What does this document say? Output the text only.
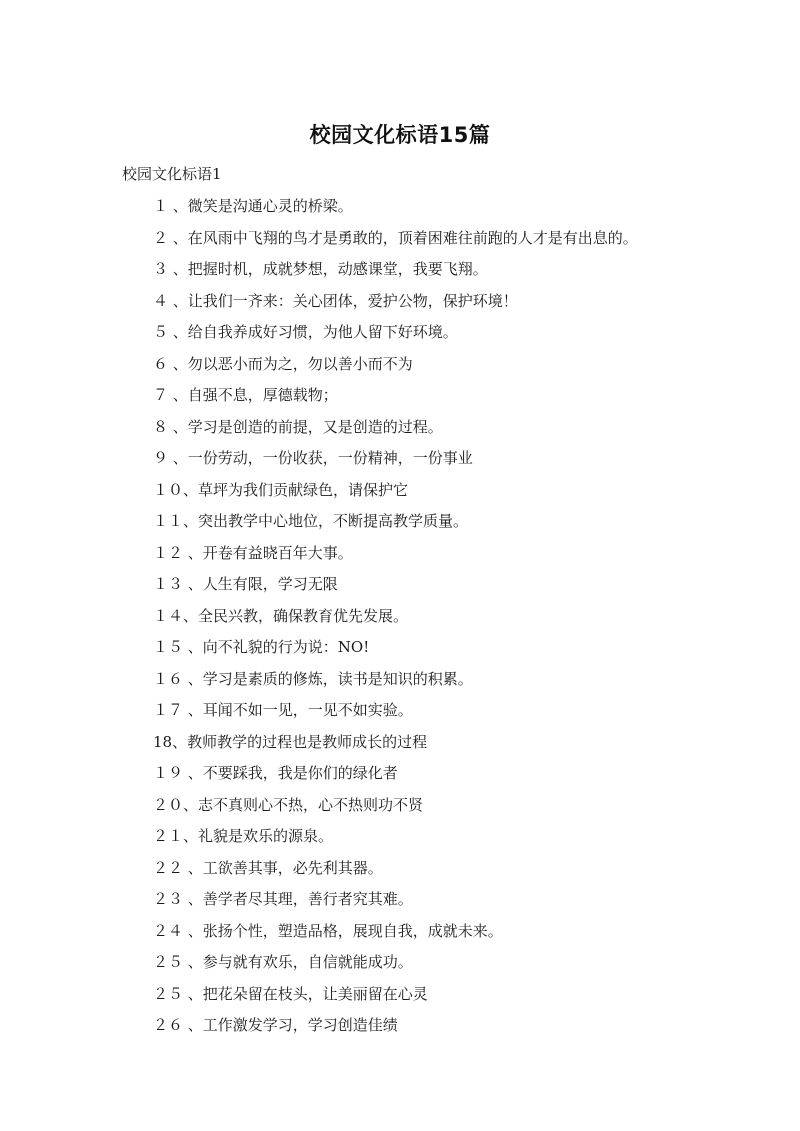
校园文化标语15篇
校园文化标语1
１ 、微笑是沟通心灵的桥梁。
２ 、在风雨中飞翔的鸟才是勇敢的，顶着困难往前跑的人才是有出息的。
３ 、把握时机，成就梦想，动感课堂，我要飞翔。
４ 、让我们一齐来：关心团体，爱护公物，保护环境！
５ 、给自我养成好习惯，为他人留下好环境。
６ 、勿以恶小而为之，勿以善小而不为
７ 、自强不息，厚德载物；
８ 、学习是创造的前提，又是创造的过程。
９ 、一份劳动，一份收获，一份精神，一份事业
１０、草坪为我们贡献绿色，请保护它
１１、突出教学中心地位，不断提高教学质量。
１２ 、开卷有益晓百年大事。
１３ 、人生有限，学习无限
１４、全民兴教，确保教育优先发展。
１５ 、向不礼貌的行为说：NO!
１６ 、学习是素质的修炼，读书是知识的积累。
１７ 、耳闻不如一见，一见不如实验。
18、教师教学的过程也是教师成长的过程
１９ 、不要踩我，我是你们的绿化者
２０、志不真则心不热，心不热则功不贤
２１、礼貌是欢乐的源泉。
２２ 、工欲善其事，必先利其器。
２３ 、善学者尽其理，善行者究其难。
２４ 、张扬个性，塑造品格，展现自我，成就未来。
２５ 、参与就有欢乐，自信就能成功。
２５ 、把花朵留在枝头，让美丽留在心灵
２６ 、工作激发学习，学习创造佳绩
